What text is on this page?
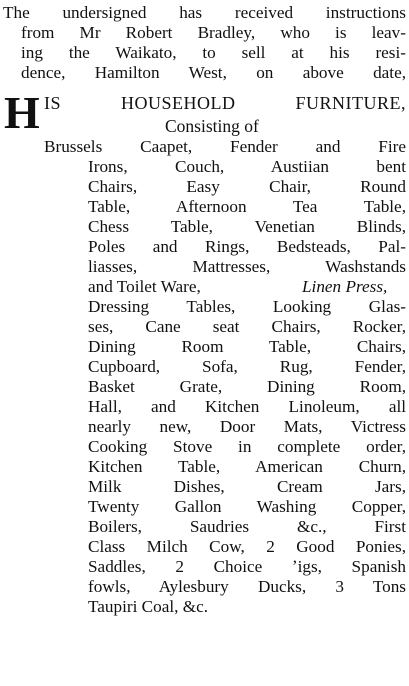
The undersigned has received instructions
from Mr Robert Bradley, who is leav-
ing the Waikato, to sell at his resi-
dence, Hamilton West, on above date,
H IS HOUSEHOLD FURNITURE,
Consisting of
Brussels Caapet, Fender and Fire
Irons, Couch, Austiian bent
Chairs, Easy Chair, Round
Table, Afternoon Tea Table,
Chess Table, Venetian Blinds,
Poles and Rings, Bedsteads, Pal-
liasses, Mattresses, Washstands
and Toilet Ware,	Linen Press,
Dressing Tables, Looking Glas-
ses, Cane seat Chairs, Rocker,
Dining Room Table, Chairs,
Cupboard, Sofa, Rug, Fender,
Basket Grate, Dining Room,
Hall, and Kitchen Linoleum, all
nearly new, Door Mats, Victress
Cooking Stove in complete order,
Kitchen Table, American Churn,
Milk Dishes, Cream Jars,
Twenty Gallon Washing Copper,
Boilers, Saudries &c., First
Class Milch Cow, 2 Good Ponies,
Saddles, 2 Choice ʼigs, Spanish
fowls, Aylesbury Ducks, 3 Tons
Taupiri Coal, &c.
